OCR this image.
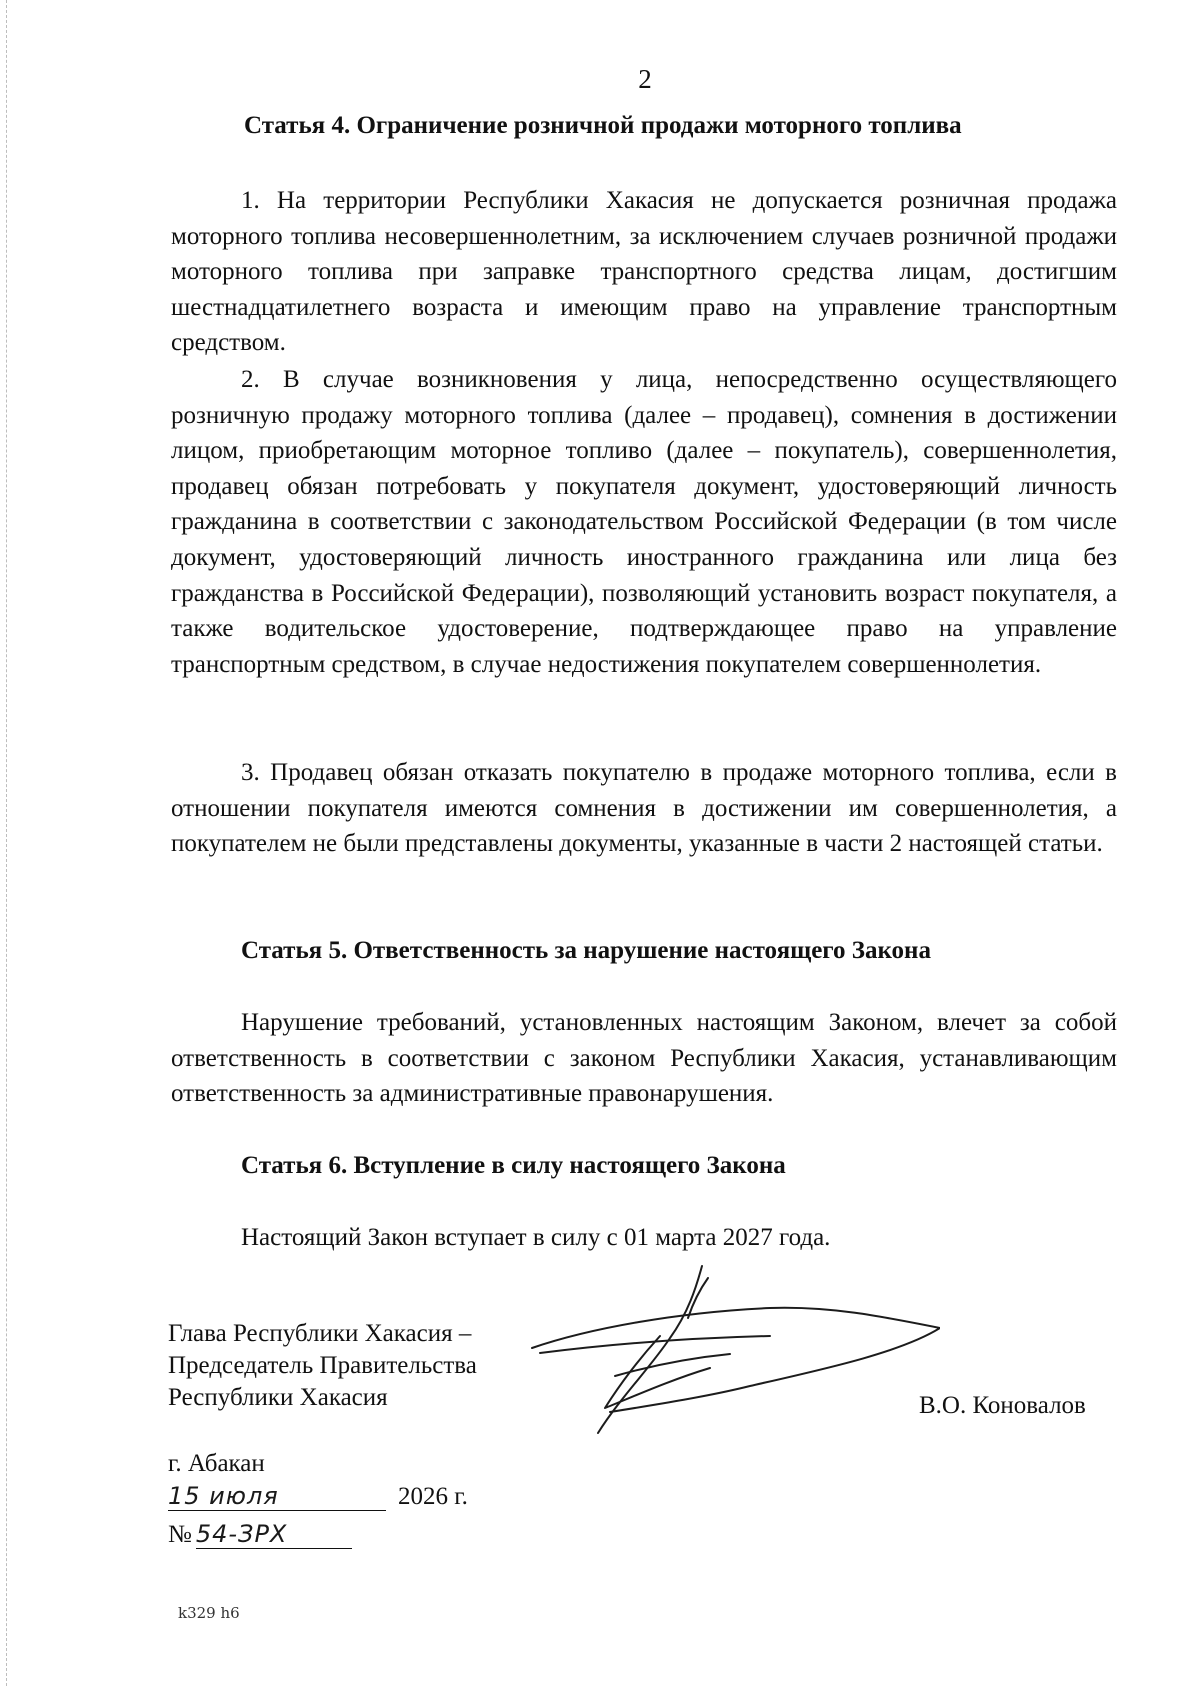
2
Статья 4. Ограничение розничной продажи моторного топлива

1. На территории Республики Хакасия не допускается розничная продажа моторного топлива несовершеннолетним, за исключением случаев розничной продажи моторного топлива при заправке транспортного средства лицам, достигшим шестнадцатилетнего возраста и имеющим право на управление транспортным средством.

2. В случае возникновения у лица, непосредственно осуществляющего розничную продажу моторного топлива (далее – продавец), сомнения в достижении лицом, приобретающим моторное топливо (далее – покупатель), совершеннолетия, продавец обязан потребовать у покупателя документ, удостоверяющий личность гражданина в соответствии с законодательством Российской Федерации (в том числе документ, удостоверяющий личность иностранного гражданина или лица без гражданства в Российской Федерации), позволяющий установить возраст покупателя, а также водительское удостоверение, подтверждающее право на управление транспортным средством, в случае недостижения покупателем совершеннолетия.

3. Продавец обязан отказать покупателю в продаже моторного топлива, если в отношении покупателя имеются сомнения в достижении им совершеннолетия, а покупателем не были представлены документы, указанные в части 2 настоящей статьи.

Статья 5. Ответственность за нарушение настоящего Закона

Нарушение требований, установленных настоящим Законом, влечет за собой ответственность в соответствии с законом Республики Хакасия, устанавливающим ответственность за административные правонарушения.

Статья 6. Вступление в силу настоящего Закона

Настоящий Закон вступает в силу с 01 марта 2027 года.

Глава Республики Хакасия –
Председатель Правительства
Республики Хакасия	В.О. Коновалов
г. Абакан
15 июля	2026 г.
№ 54-ЗРХ
k329 h6
